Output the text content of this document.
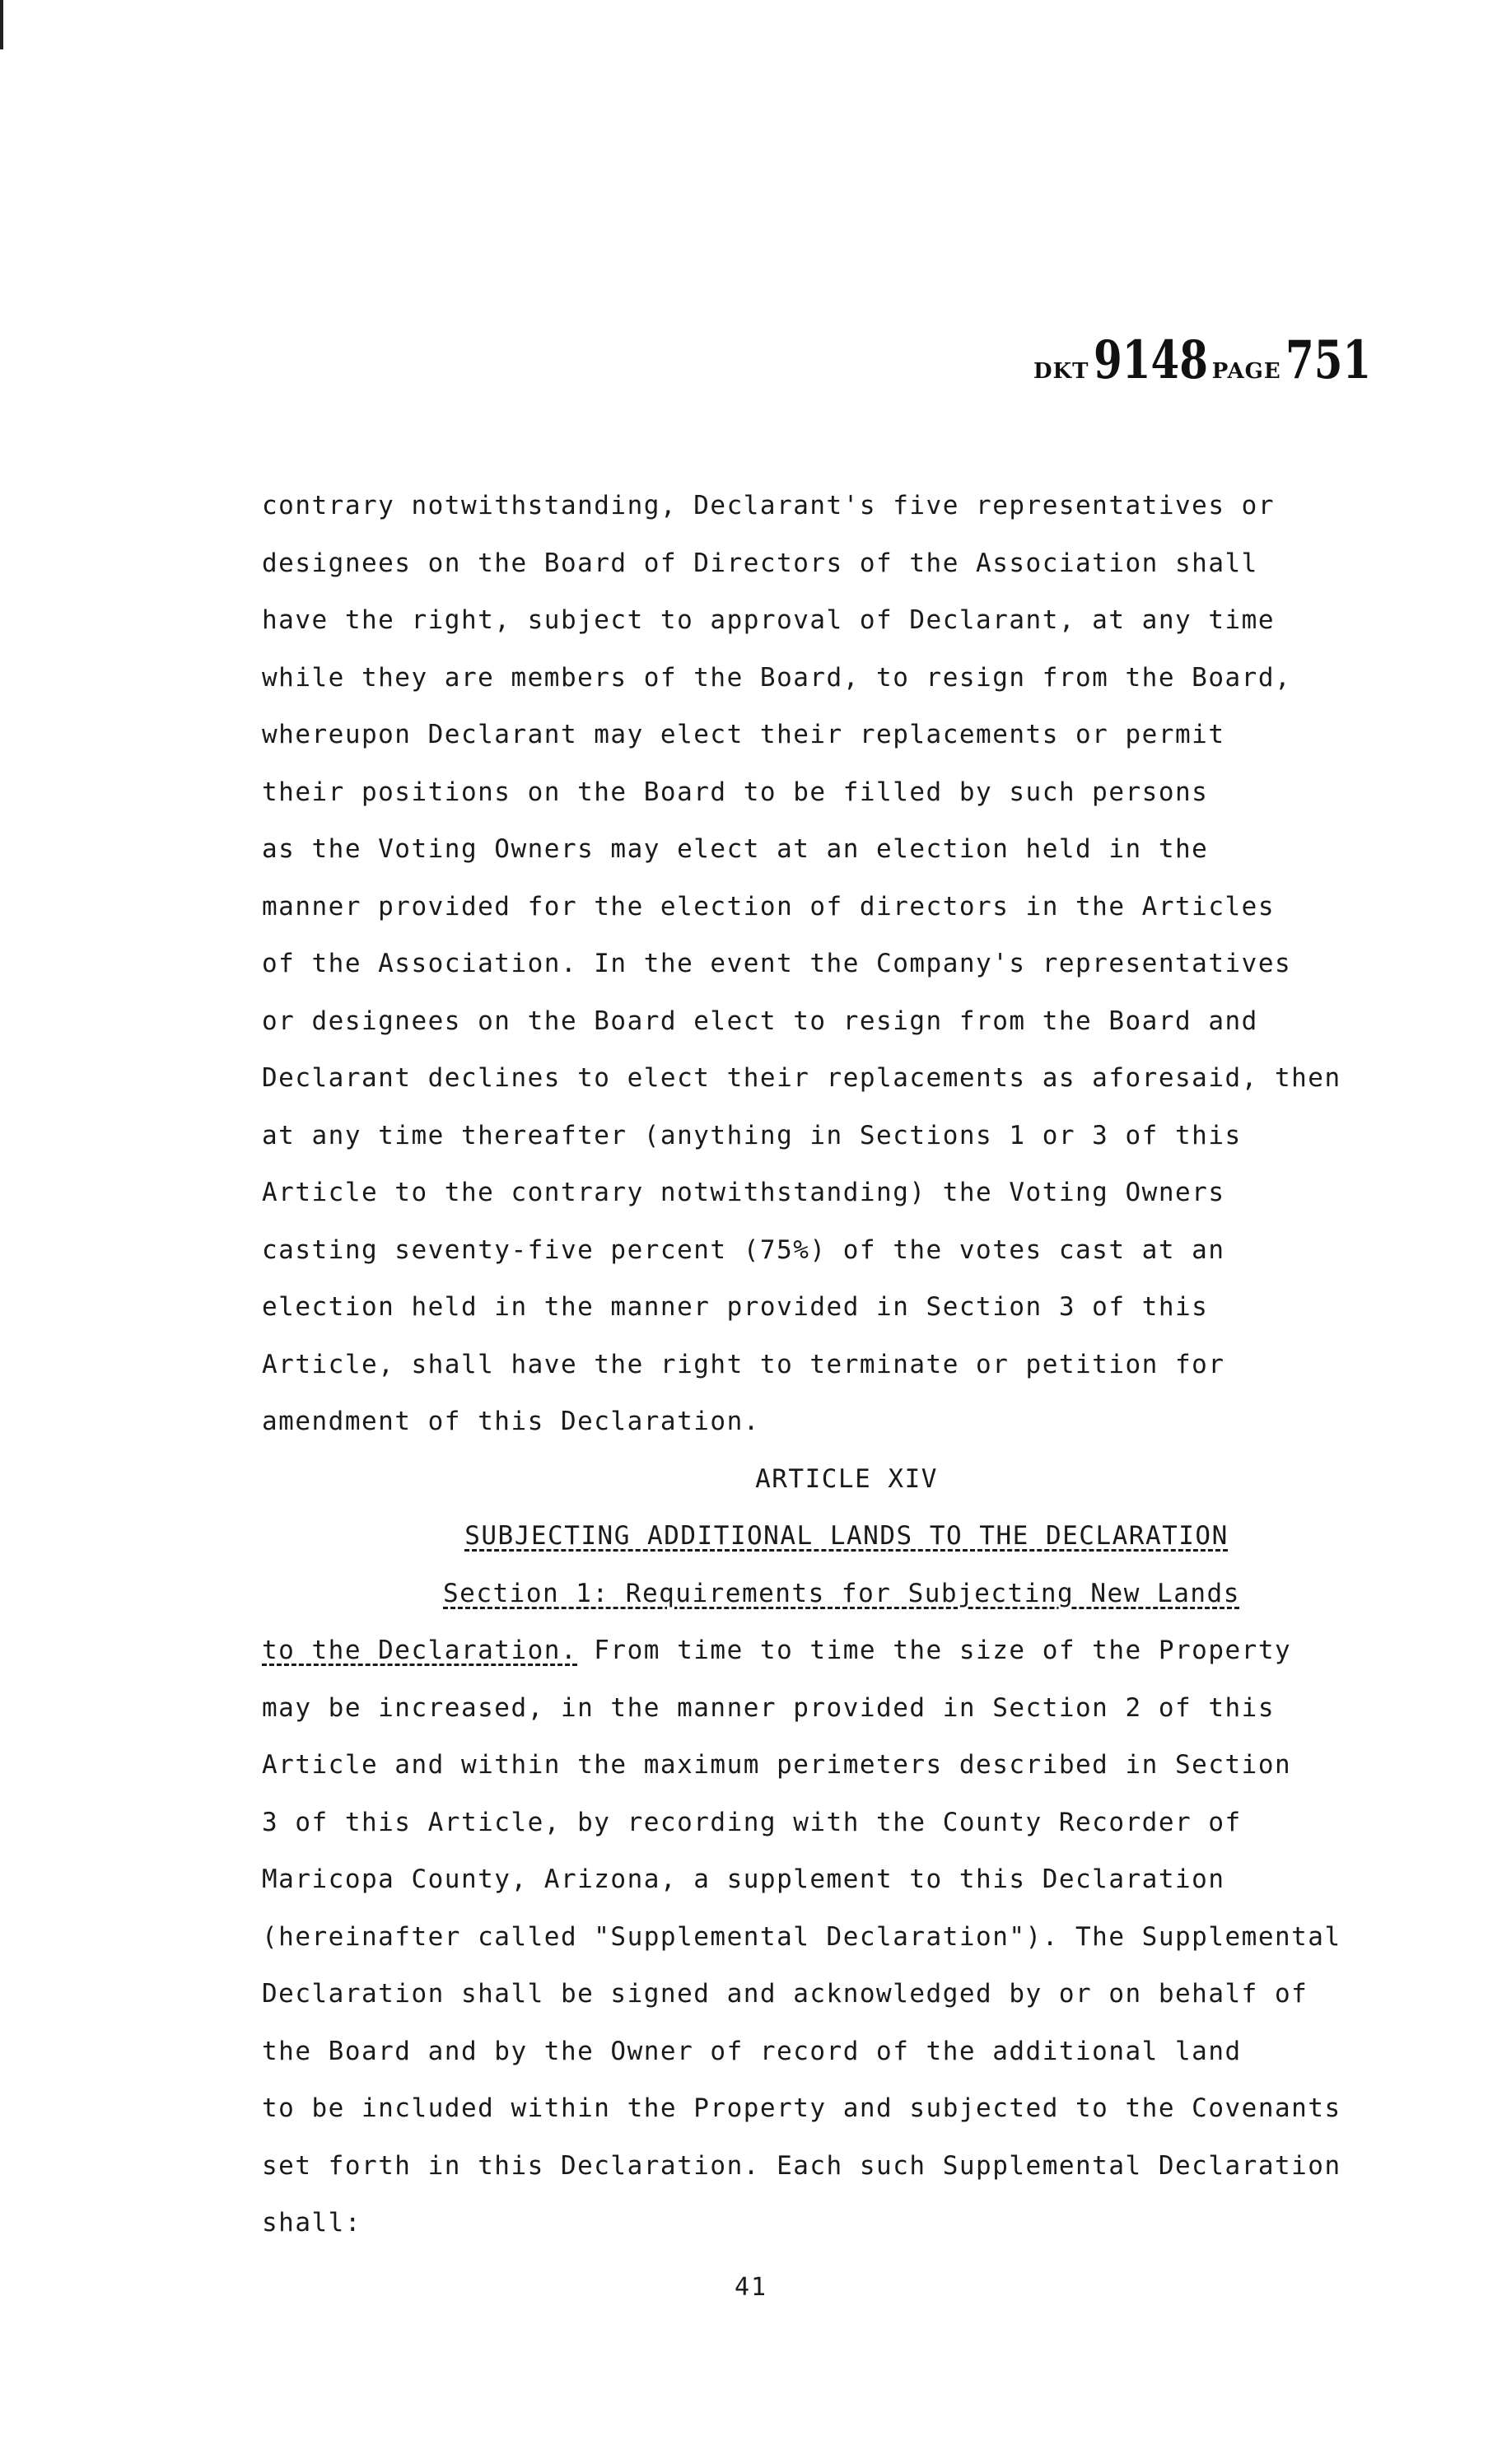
DKT 9148 PAGE 751
contrary notwithstanding, Declarant's five representatives or
designees on the Board of Directors of the Association shall
have the right, subject to approval of Declarant, at any time
while they are members of the Board, to resign from the Board,
whereupon Declarant may elect their replacements or permit
their positions on the Board to be filled by such persons
as the Voting Owners may elect at an election held in the
manner provided for the election of directors in the Articles
of the Association. In the event the Company's representatives
or designees on the Board elect to resign from the Board and
Declarant declines to elect their replacements as aforesaid, then
at any time thereafter (anything in Sections 1 or 3 of this
Article to the contrary notwithstanding) the Voting Owners
casting seventy-five percent (75%) of the votes cast at an
election held in the manner provided in Section 3 of this
Article, shall have the right to terminate or petition for
amendment of this Declaration.
ARTICLE XIV
SUBJECTING ADDITIONAL LANDS TO THE DECLARATION
Section 1: Requirements for Subjecting New Lands
to the Declaration. From time to time the size of the Property
may be increased, in the manner provided in Section 2 of this
Article and within the maximum perimeters described in Section
3 of this Article, by recording with the County Recorder of
Maricopa County, Arizona, a supplement to this Declaration
(hereinafter called "Supplemental Declaration"). The Supplemental
Declaration shall be signed and acknowledged by or on behalf of
the Board and by the Owner of record of the additional land
to be included within the Property and subjected to the Covenants
set forth in this Declaration. Each such Supplemental Declaration
shall:
41
